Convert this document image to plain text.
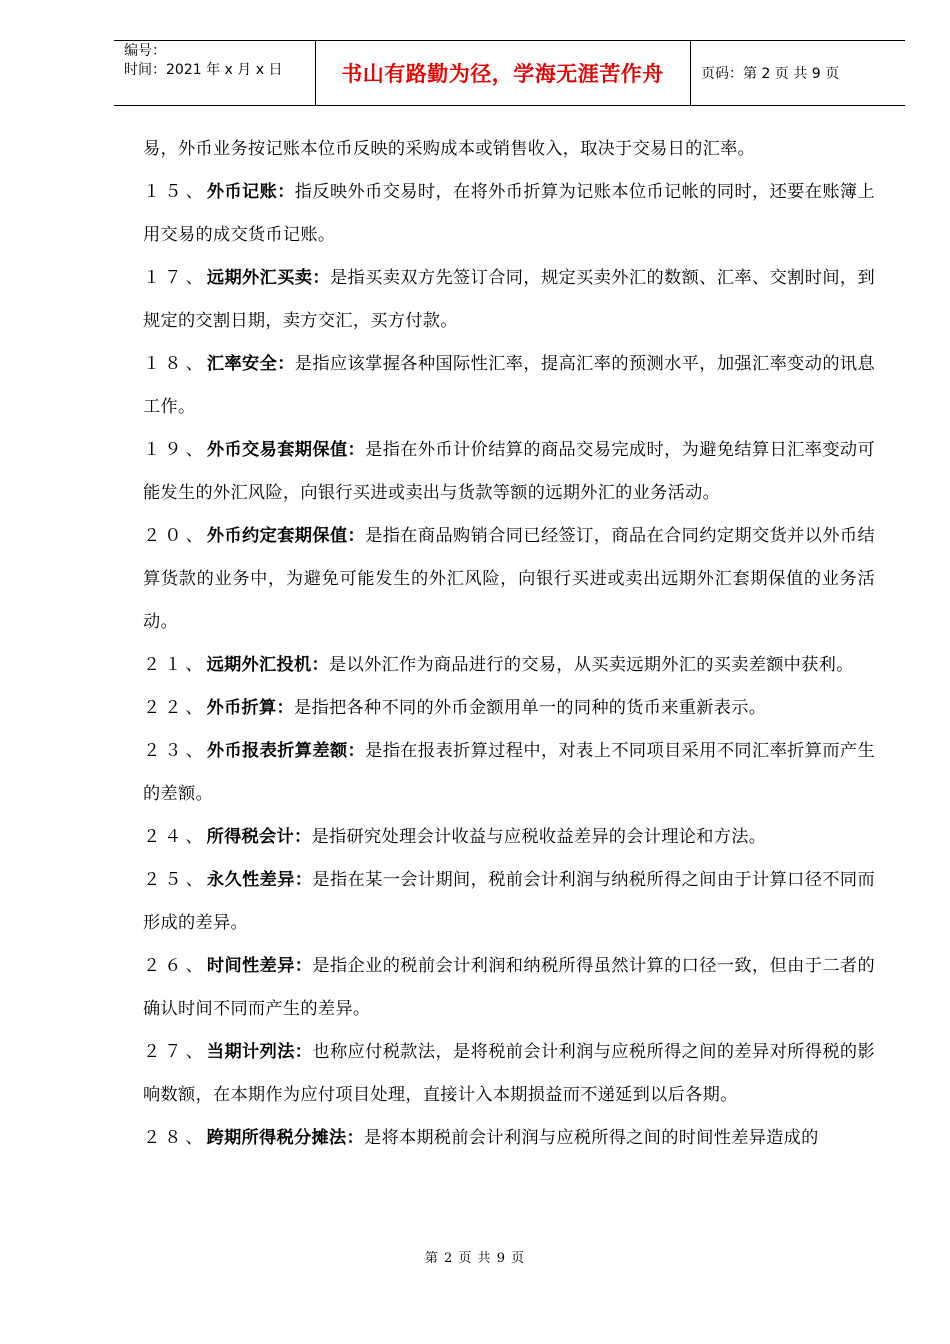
编号：
时间：2021 年 x 月 x 日	书山有路勤为径，学海无涯苦作舟	页码：第 2 页 共 9 页

易，外币业务按记账本位币反映的采购成本或销售收入，取决于交易日的汇率。

１５、外币记账：指反映外币交易时，在将外币折算为记账本位币记帐的同时，还要在账簿上用交易的成交货币记账。

１７、远期外汇买卖：是指买卖双方先签订合同，规定买卖外汇的数额、汇率、交割时间，到规定的交割日期，卖方交汇，买方付款。

１８、汇率安全：是指应该掌握各种国际性汇率，提高汇率的预测水平，加强汇率变动的讯息工作。

１９、外币交易套期保值：是指在外币计价结算的商品交易完成时，为避免结算日汇率变动可能发生的外汇风险，向银行买进或卖出与货款等额的远期外汇的业务活动。

２０、外币约定套期保值：是指在商品购销合同已经签订，商品在合同约定期交货并以外币结算货款的业务中，为避免可能发生的外汇风险，向银行买进或卖出远期外汇套期保值的业务活动。

２１、远期外汇投机：是以外汇作为商品进行的交易，从买卖远期外汇的买卖差额中获利。

２２、外币折算：是指把各种不同的外币金额用单一的同种的货币来重新表示。

２３、外币报表折算差额：是指在报表折算过程中，对表上不同项目采用不同汇率折算而产生的差额。

２４、所得税会计：是指研究处理会计收益与应税收益差异的会计理论和方法。

２５、永久性差异：是指在某一会计期间，税前会计利润与纳税所得之间由于计算口径不同而形成的差异。

２６、时间性差异：是指企业的税前会计利润和纳税所得虽然计算的口径一致，但由于二者的确认时间不同而产生的差异。

２７、当期计列法：也称应付税款法，是将税前会计利润与应税所得之间的差异对所得税的影响数额，在本期作为应付项目处理，直接计入本期损益而不递延到以后各期。

２８、跨期所得税分摊法：是将本期税前会计利润与应税所得之间的时间性差异造成的

第 2 页 共 9 页
